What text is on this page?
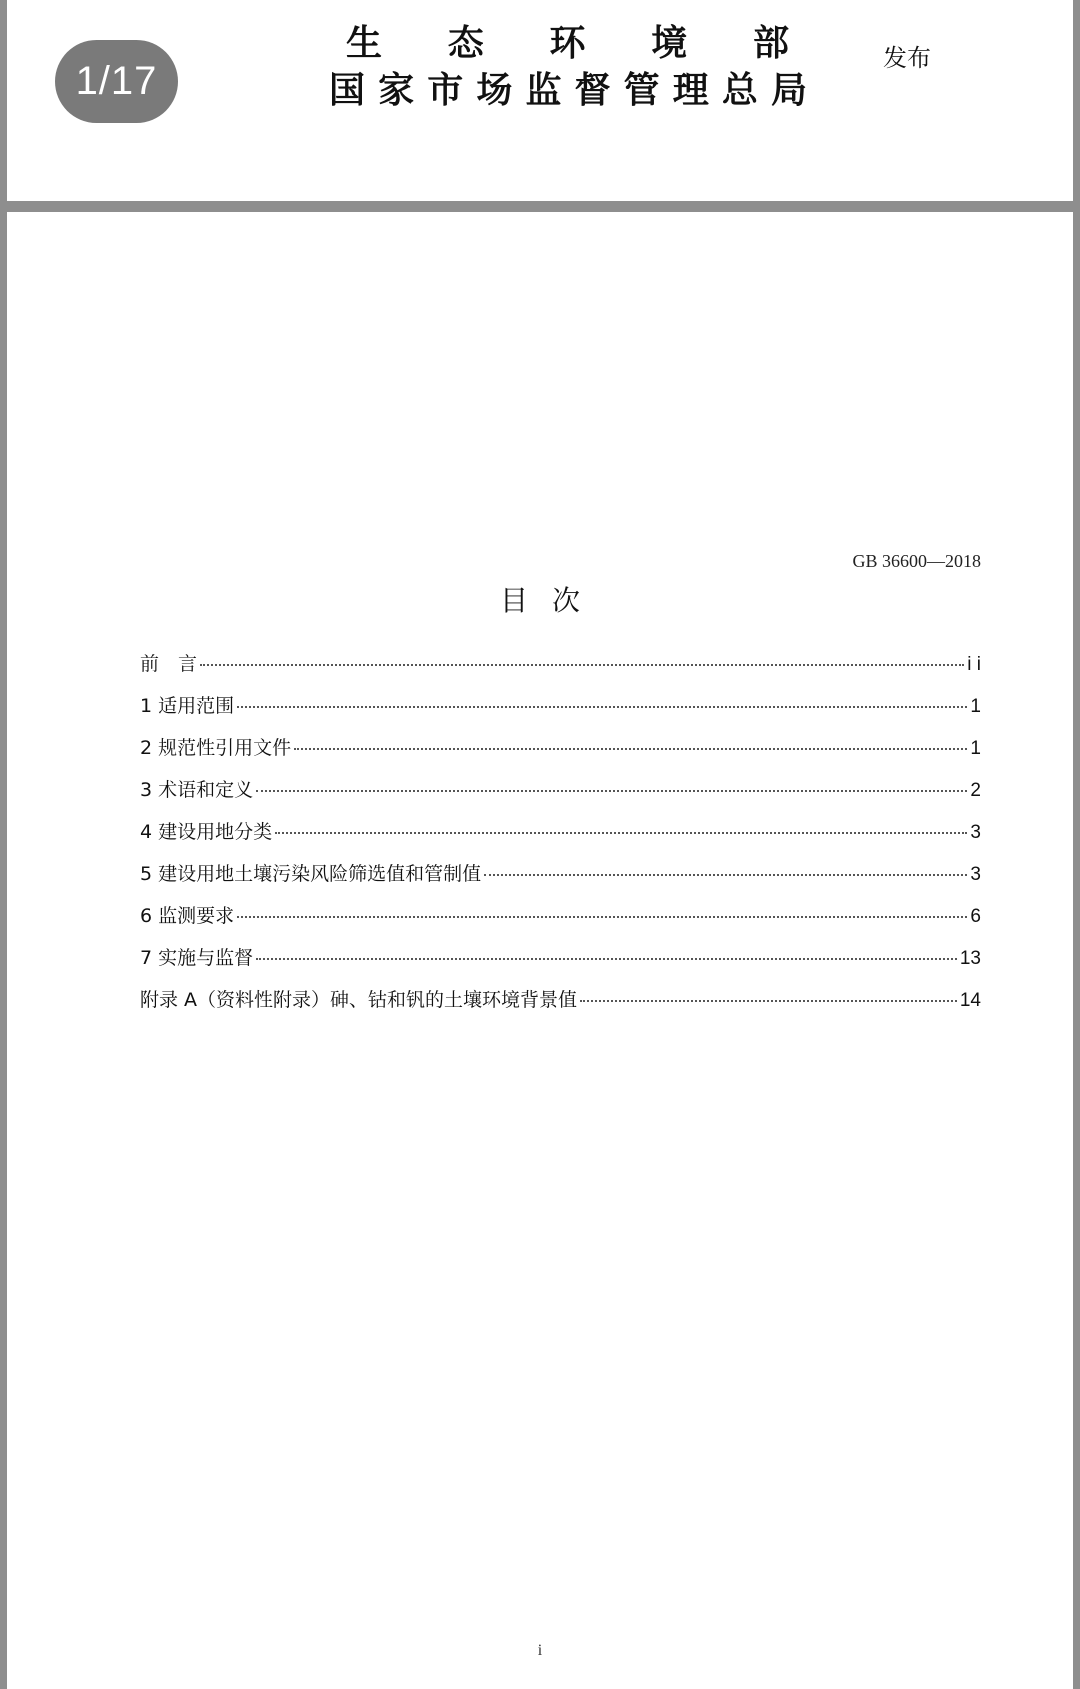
生 态 环 境 部
国 家 市 场 监 督 管 理 总 局
发布
1/17
GB 36600—2018
目次
前　言	i i
1 适用范围	1
2 规范性引用文件	1
3 术语和定义	2
4 建设用地分类	3
5 建设用地土壤污染风险筛选值和管制值	3
6 监测要求	6
7 实施与监督	13
附录 A（资料性附录）砷、钴和钒的土壤环境背景值	14
i
